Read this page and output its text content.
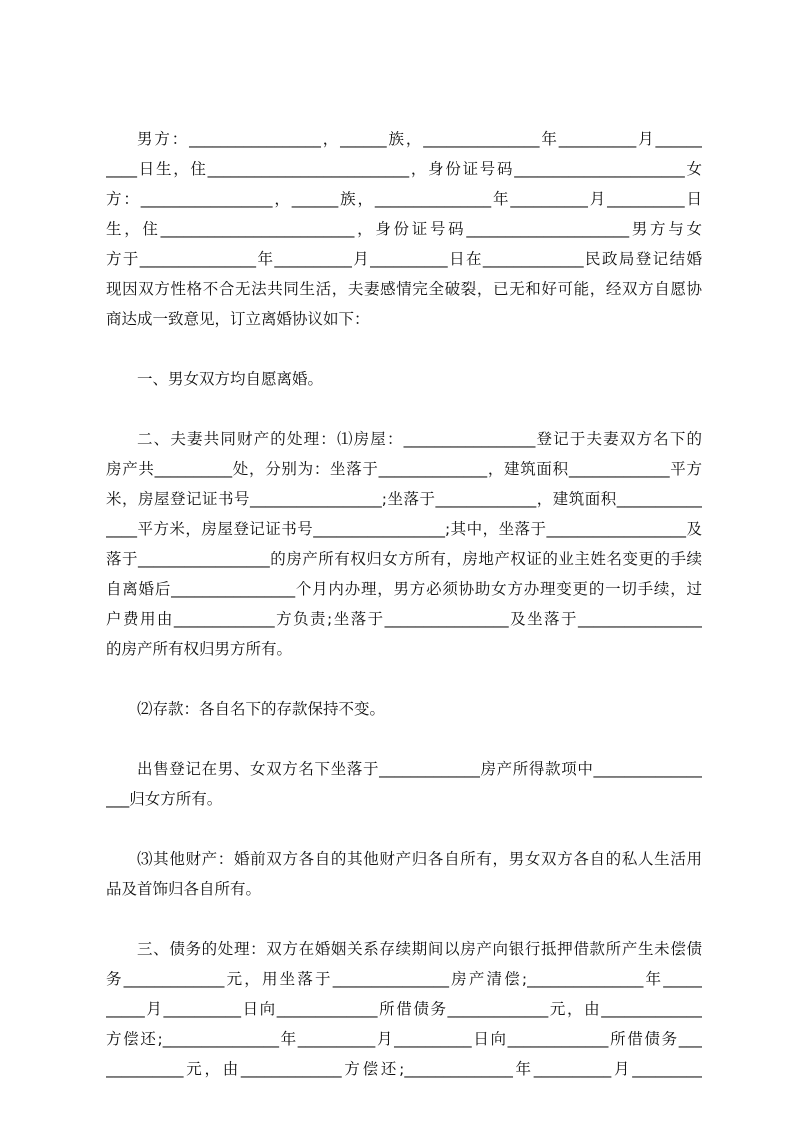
男方：_________________，______族，_______________年__________月______
____日生，住__________________________，身份证号码______________________女
方：_________________，______族，_______________年__________月__________日
生，住_________________________，身份证号码_____________________男方与女
方于_______________年__________月__________日在_____________民政局登记结婚
现因双方性格不合无法共同生活，夫妻感情完全破裂，已无和好可能，经双方自愿协
商达成一致意见，订立离婚协议如下：
一、男女双方均自愿离婚。
二、夫妻共同财产的处理：⑴房屋：_________________登记于夫妻双方名下的
房产共__________处，分别为：坐落于______________，建筑面积_____________平方
米，房屋登记证书号_________________;坐落于_____________，建筑面积___________
____平方米，房屋登记证书号_________________;其中，坐落于__________________及
落于_________________的房产所有权归女方所有，房地产权证的业主姓名变更的手续
自离婚后________________个月内办理，男方必须协助女方办理变更的一切手续，过
户费用由_____________方负责;坐落于________________及坐落于________________
的房产所有权归男方所有。
⑵存款：各自名下的存款保持不变。
出售登记在男、女双方名下坐落于_____________房产所得款项中______________
___归女方所有。
⑶其他财产：婚前双方各自的其他财产归各自所有，男女双方各自的私人生活用
品及首饰归各自所有。
三、债务的处理：双方在婚姻关系存续期间以房产向银行抵押借款所产生未偿债
务_____________元，用坐落于_______________房产清偿;_______________年_____
_____月__________日向_____________所借债务_____________元，由_____________
方偿还;_______________年__________月__________日向_____________所借债务___
__________元，由_____________方偿还;______________年__________月_________
